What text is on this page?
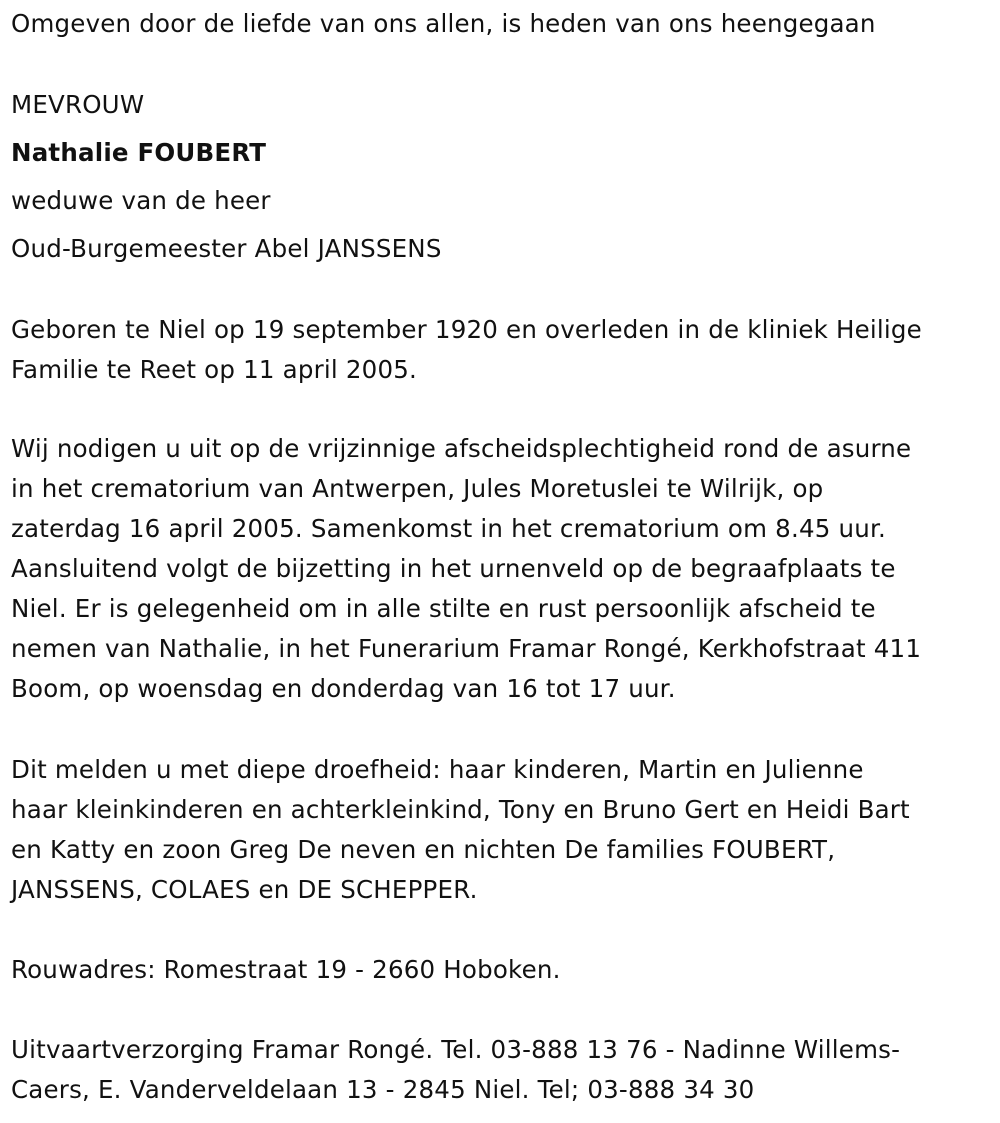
Omgeven door de liefde van ons allen, is heden van ons heengegaan
MEVROUW
Nathalie FOUBERT
weduwe van de heer
Oud-Burgemeester Abel JANSSENS
Geboren te Niel op 19 september 1920 en overleden in de kliniek Heilige
Familie te Reet op 11 april 2005.
Wij nodigen u uit op de vrijzinnige afscheidsplechtigheid rond de asurne
in het crematorium van Antwerpen, Jules Moretuslei te Wilrijk, op
zaterdag 16 april 2005. Samenkomst in het crematorium om 8.45 uur.
Aansluitend volgt de bijzetting in het urnenveld op de begraafplaats te
Niel. Er is gelegenheid om in alle stilte en rust persoonlijk afscheid te
nemen van Nathalie, in het Funerarium Framar Rongé, Kerkhofstraat 411
Boom, op woensdag en donderdag van 16 tot 17 uur.
Dit melden u met diepe droefheid: haar kinderen, Martin en Julienne
haar kleinkinderen en achterkleinkind, Tony en Bruno Gert en Heidi Bart
en Katty en zoon Greg De neven en nichten De families FOUBERT,
JANSSENS, COLAES en DE SCHEPPER.
Rouwadres: Romestraat 19 - 2660 Hoboken.
Uitvaartverzorging Framar Rongé. Tel. 03-888 13 76 - Nadinne Willems-
Caers, E. Vanderveldelaan 13 - 2845 Niel. Tel; 03-888 34 30
